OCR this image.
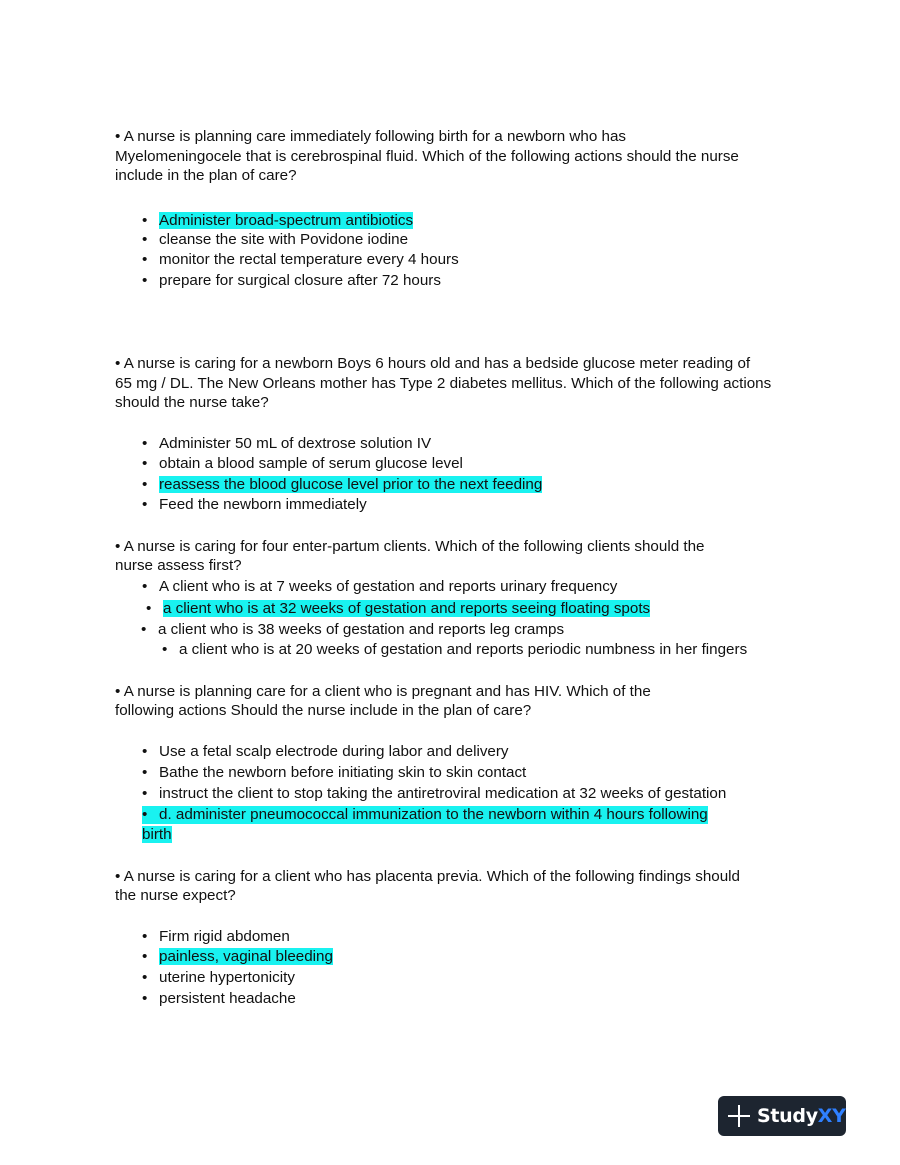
• A nurse is planning care immediately following birth for a newborn who has
Myelomeningocele that is cerebrospinal fluid. Which of the following actions should the nurse
include in the plan of care?
• Administer broad-spectrum antibiotics
• cleanse the site with Povidone iodine
• monitor the rectal temperature every 4 hours
• prepare for surgical closure after 72 hours
• A nurse is caring for a newborn Boys 6 hours old and has a bedside glucose meter reading of
65 mg / DL. The New Orleans mother has Type 2 diabetes mellitus. Which of the following actions
should the nurse take?
• Administer 50 mL of dextrose solution IV
• obtain a blood sample of serum glucose level
• reassess the blood glucose level prior to the next feeding
• Feed the newborn immediately
• A nurse is caring for four enter-partum clients. Which of the following clients should the
nurse assess first?
• A client who is at 7 weeks of gestation and reports urinary frequency
• a client who is at 32 weeks of gestation and reports seeing floating spots
• a client who is 38 weeks of gestation and reports leg cramps
• a client who is at 20 weeks of gestation and reports periodic numbness in her fingers
• A nurse is planning care for a client who is pregnant and has HIV. Which of the
following actions Should the nurse include in the plan of care?
• Use a fetal scalp electrode during labor and delivery
• Bathe the newborn before initiating skin to skin contact
• instruct the client to stop taking the antiretroviral medication at 32 weeks of gestation
• d. administer pneumococcal immunization to the newborn within 4 hours following
birth
• A nurse is caring for a client who has placenta previa. Which of the following findings should
the nurse expect?
• Firm rigid abdomen
• painless, vaginal bleeding
• uterine hypertonicity
• persistent headache
StudyXY
